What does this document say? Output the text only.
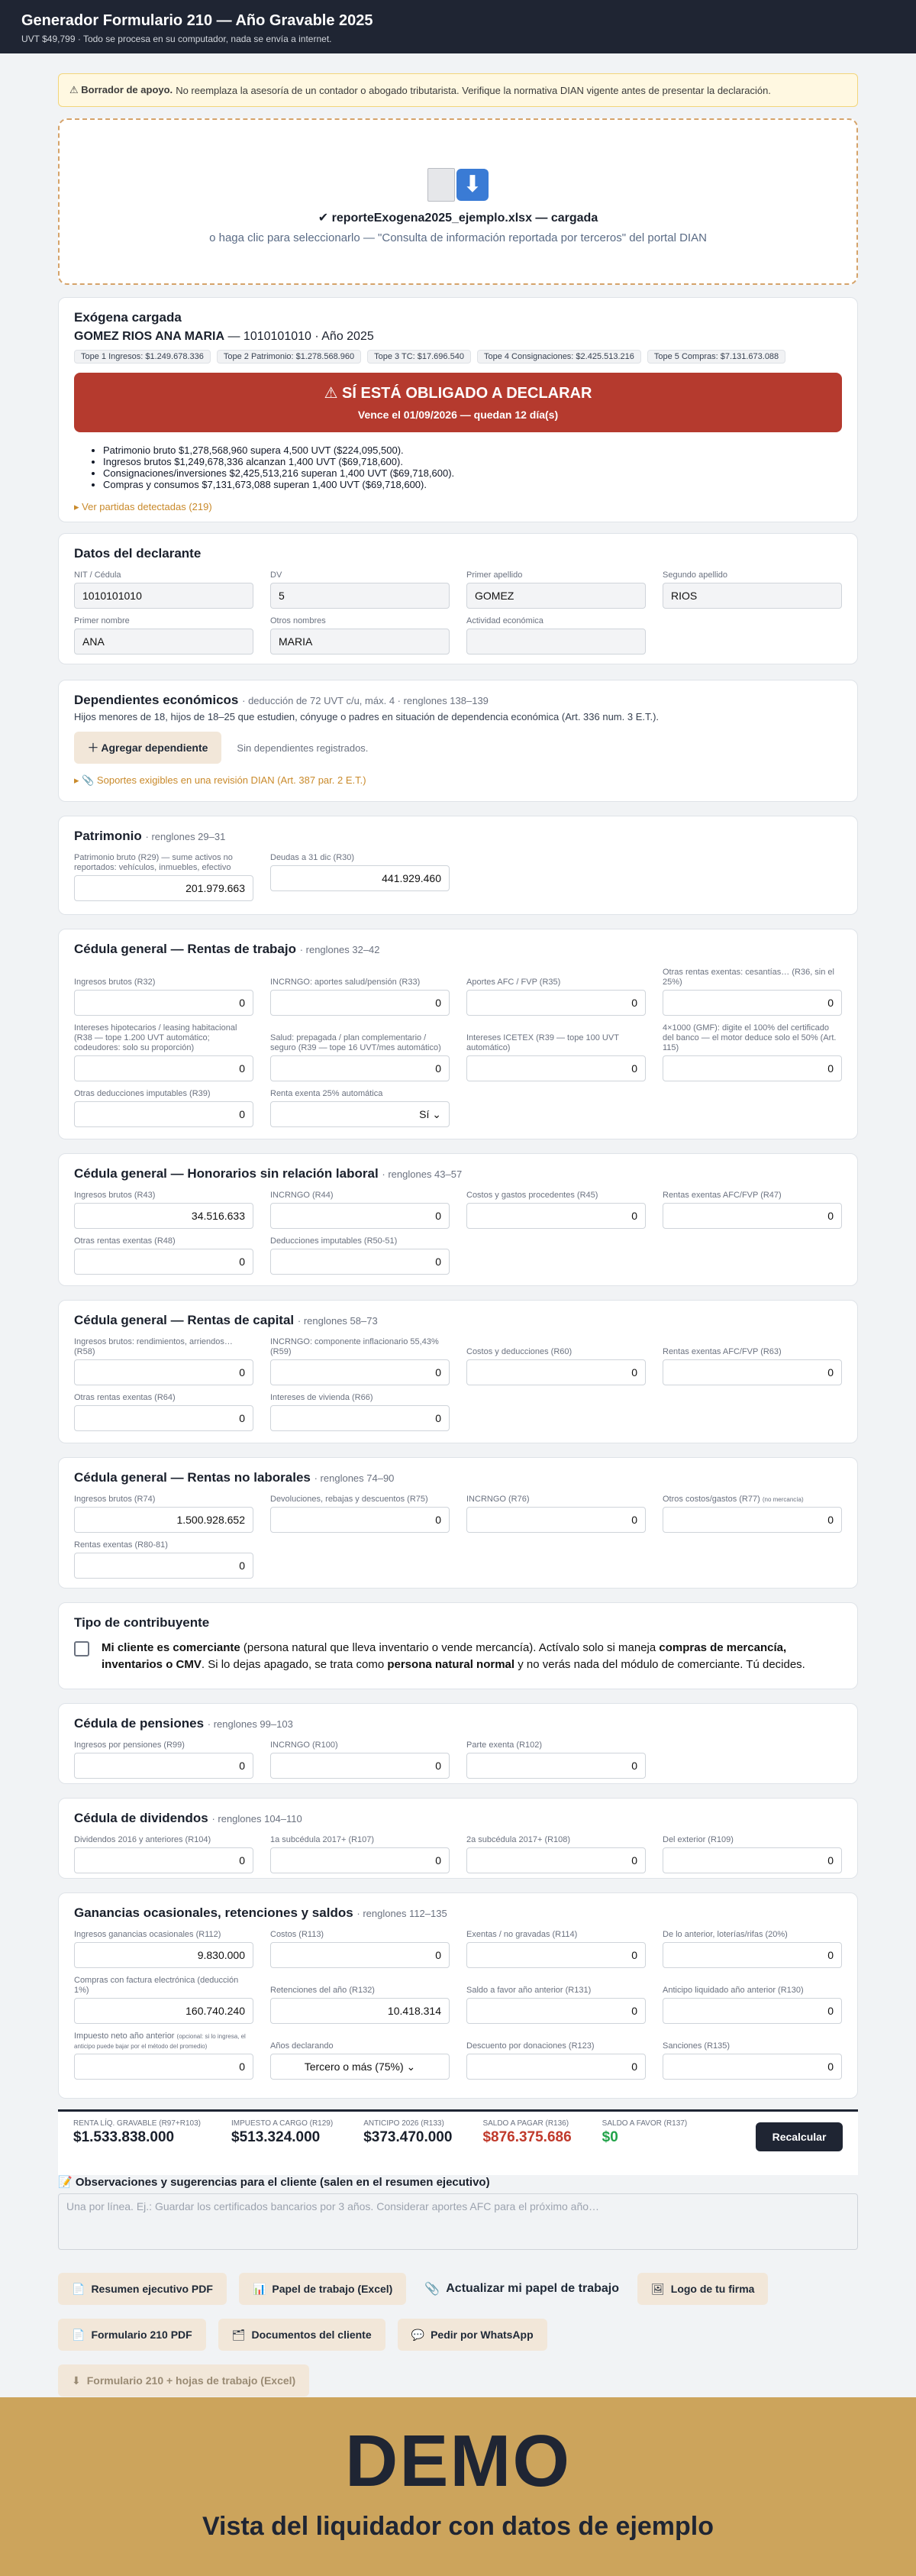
Generador Formulario 210 — Año Gravable 2025
UVT $49,799 · Todo se procesa en su computador, nada se envía a internet.
⚠ Borrador de apoyo. No reemplaza la asesoría de un contador o abogado tributarista. Verifique la normativa DIAN vigente antes de presentar la declaración.
⬇
✔ reporteExogena2025_ejemplo.xlsx — cargada
o haga clic para seleccionarlo — "Consulta de información reportada por terceros" del portal DIAN
Exógena cargada
GOMEZ RIOS ANA MARIA — 1010101010 · Año 2025
Tope 1 Ingresos: $1.249.678.336	Tope 2 Patrimonio: $1.278.568.960	Tope 3 TC: $17.696.540	Tope 4 Consignaciones: $2.425.513.216	Tope 5 Compras: $7.131.673.088
⚠ SÍ ESTÁ OBLIGADO A DECLARAR
Vence el 01/09/2026 — quedan 12 día(s)
• Patrimonio bruto $1,278,568,960 supera 4,500 UVT ($224,095,500).
• Ingresos brutos $1,249,678,336 alcanzan 1,400 UVT ($69,718,600).
• Consignaciones/inversiones $2,425,513,216 superan 1,400 UVT ($69,718,600).
• Compras y consumos $7,131,673,088 superan 1,400 UVT ($69,718,600).
▸ Ver partidas detectadas (219)
Datos del declarante
NIT / Cédula
1010101010
DV
5
Primer apellido
GOMEZ
Segundo apellido
RIOS
Primer nombre
ANA
Otros nombres
MARIA
Actividad económica
Dependientes económicos · deducción de 72 UVT c/u, máx. 4 · renglones 138–139
Hijos menores de 18, hijos de 18–25 que estudien, cónyuge o padres en situación de dependencia económica (Art. 336 num. 3 E.T.).
＋ Agregar dependiente	Sin dependientes registrados.
▸ 📎 Soportes exigibles en una revisión DIAN (Art. 387 par. 2 E.T.)
Patrimonio · renglones 29–31
Patrimonio bruto (R29) — sume activos no reportados: vehículos, inmuebles, efectivo
201.979.663
Deudas a 31 dic (R30)
441.929.460
Cédula general — Rentas de trabajo · renglones 32–42
Ingresos brutos (R32)
0
INCRNGO: aportes salud/pensión (R33)
0
Aportes AFC / FVP (R35)
0
Otras rentas exentas: cesantías… (R36, sin el 25%)
0
Intereses hipotecarios / leasing habitacional (R38 — tope 1.200 UVT automático; codeudores: solo su proporción)
0
Salud: prepagada / plan complementario / seguro (R39 — tope 16 UVT/mes automático)
0
Intereses ICETEX (R39 — tope 100 UVT automático)
0
4×1000 (GMF): digite el 100% del certificado del banco — el motor deduce solo el 50% (Art. 115)
0
Otras deducciones imputables (R39)
0
Renta exenta 25% automática
Sí ⌄
Cédula general — Honorarios sin relación laboral · renglones 43–57
Ingresos brutos (R43)
34.516.633
INCRNGO (R44)
0
Costos y gastos procedentes (R45)
0
Rentas exentas AFC/FVP (R47)
0
Otras rentas exentas (R48)
0
Deducciones imputables (R50-51)
0
Cédula general — Rentas de capital · renglones 58–73
Ingresos brutos: rendimientos, arriendos… (R58)
0
INCRNGO: componente inflacionario 55,43% (R59)
0
Costos y deducciones (R60)
0
Rentas exentas AFC/FVP (R63)
0
Otras rentas exentas (R64)
0
Intereses de vivienda (R66)
0
Cédula general — Rentas no laborales · renglones 74–90
Ingresos brutos (R74)
1.500.928.652
Devoluciones, rebajas y descuentos (R75)
0
INCRNGO (R76)
0
Otros costos/gastos (R77) (no mercancía)
0
Rentas exentas (R80-81)
0
Tipo de contribuyente
Mi cliente es comerciante (persona natural que lleva inventario o vende mercancía). Actívalo solo si maneja compras de mercancía, inventarios o CMV. Si lo dejas apagado, se trata como persona natural normal y no verás nada del módulo de comerciante. Tú decides.
Cédula de pensiones · renglones 99–103
Ingresos por pensiones (R99)
0
INCRNGO (R100)
0
Parte exenta (R102)
0
Cédula de dividendos · renglones 104–110
Dividendos 2016 y anteriores (R104)
0
1a subcédula 2017+ (R107)
0
2a subcédula 2017+ (R108)
0
Del exterior (R109)
0
Ganancias ocasionales, retenciones y saldos · renglones 112–135
Ingresos ganancias ocasionales (R112)
9.830.000
Costos (R113)
0
Exentas / no gravadas (R114)
0
De lo anterior, loterías/rifas (20%)
0
Compras con factura electrónica (deducción 1%)
160.740.240
Retenciones del año (R132)
10.418.314
Saldo a favor año anterior (R131)
0
Anticipo liquidado año anterior (R130)
0
Impuesto neto año anterior (opcional: si lo ingresa, el anticipo puede bajar por el método del promedio)
0
Años declarando
Tercero o más (75%) ⌄
Descuento por donaciones (R123)
0
Sanciones (R135)
0
RENTA LÍQ. GRAVABLE (R97+R103)
$1.533.838.000
IMPUESTO A CARGO (R129)
$513.324.000
ANTICIPO 2026 (R133)
$373.470.000
SALDO A PAGAR (R136)
$876.375.686
SALDO A FAVOR (R137)
$0	Recalcular
📝 Observaciones y sugerencias para el cliente (salen en el resumen ejecutivo)
Una por línea. Ej.: Guardar los certificados bancarios por 3 años. Considerar aportes AFC para el próximo año…
📄 Resumen ejecutivo PDF	📊 Papel de trabajo (Excel)	📎 Actualizar mi papel de trabajo	🖼 Logo de tu firma
📄 Formulario 210 PDF	🗂 Documentos del cliente	💬 Pedir por WhatsApp
⬇ Formulario 210 + hojas de trabajo (Excel)
DEMO
Vista del liquidador con datos de ejemplo
